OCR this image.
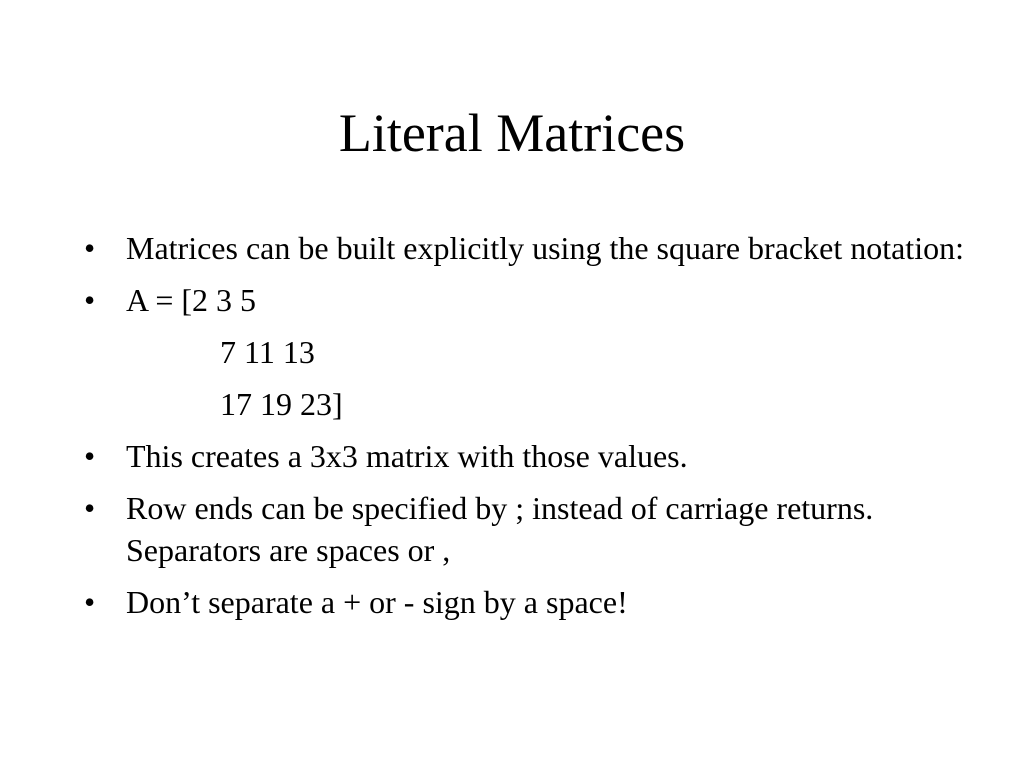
Literal Matrices
• Matrices can be built explicitly using the square bracket notation:
• A = [2 3 5
7 11 13
17 19 23]
• This creates a 3x3 matrix with those values.
• Row ends can be specified by ; instead of carriage returns. Separators are spaces or ,
• Don’t separate a + or - sign by a space!
